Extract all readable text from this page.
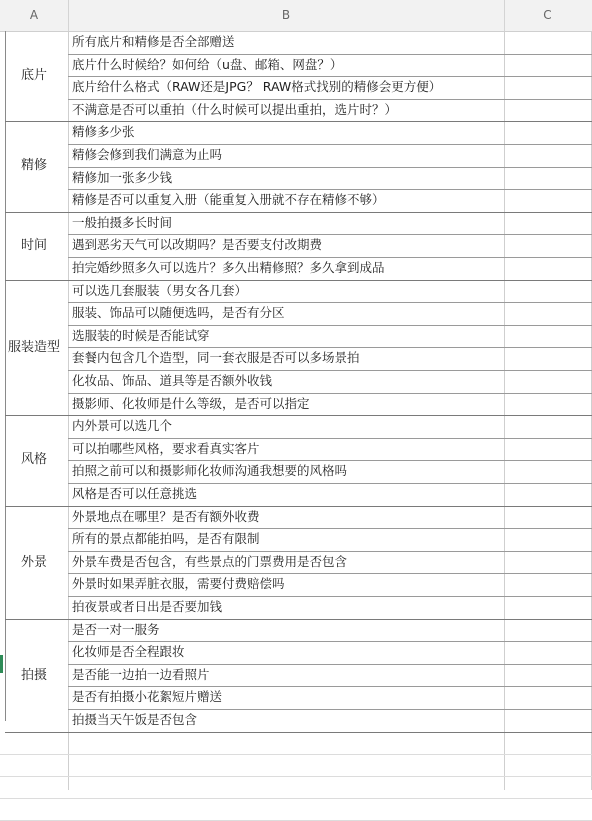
A	B	C
底片
所有底片和精修是否全部赠送
底片什么时候给？如何给（u盘、邮箱、网盘？）
底片给什么格式（RAW还是JPG？ RAW格式找别的精修会更方便）
不满意是否可以重拍（什么时候可以提出重拍，选片时？）
精修
精修多少张
精修会修到我们满意为止吗
精修加一张多少钱
精修是否可以重复入册（能重复入册就不存在精修不够）
时间
一般拍摄多长时间
遇到恶劣天气可以改期吗？是否要支付改期费
拍完婚纱照多久可以选片？多久出精修照？多久拿到成品
服装造型
可以选几套服装（男女各几套）
服装、饰品可以随便选吗，是否有分区
选服装的时候是否能试穿
套餐内包含几个造型，同一套衣服是否可以多场景拍
化妆品、饰品、道具等是否额外收钱
摄影师、化妆师是什么等级，是否可以指定
风格
内外景可以选几个
可以拍哪些风格，要求看真实客片
拍照之前可以和摄影师化妆师沟通我想要的风格吗
风格是否可以任意挑选
外景
外景地点在哪里？是否有额外收费
所有的景点都能拍吗，是否有限制
外景车费是否包含，有些景点的门票费用是否包含
外景时如果弄脏衣服，需要付费赔偿吗
拍夜景或者日出是否要加钱
拍摄
是否一对一服务
化妆师是否全程跟妆
是否能一边拍一边看照片
是否有拍摄小花絮短片赠送
拍摄当天午饭是否包含
